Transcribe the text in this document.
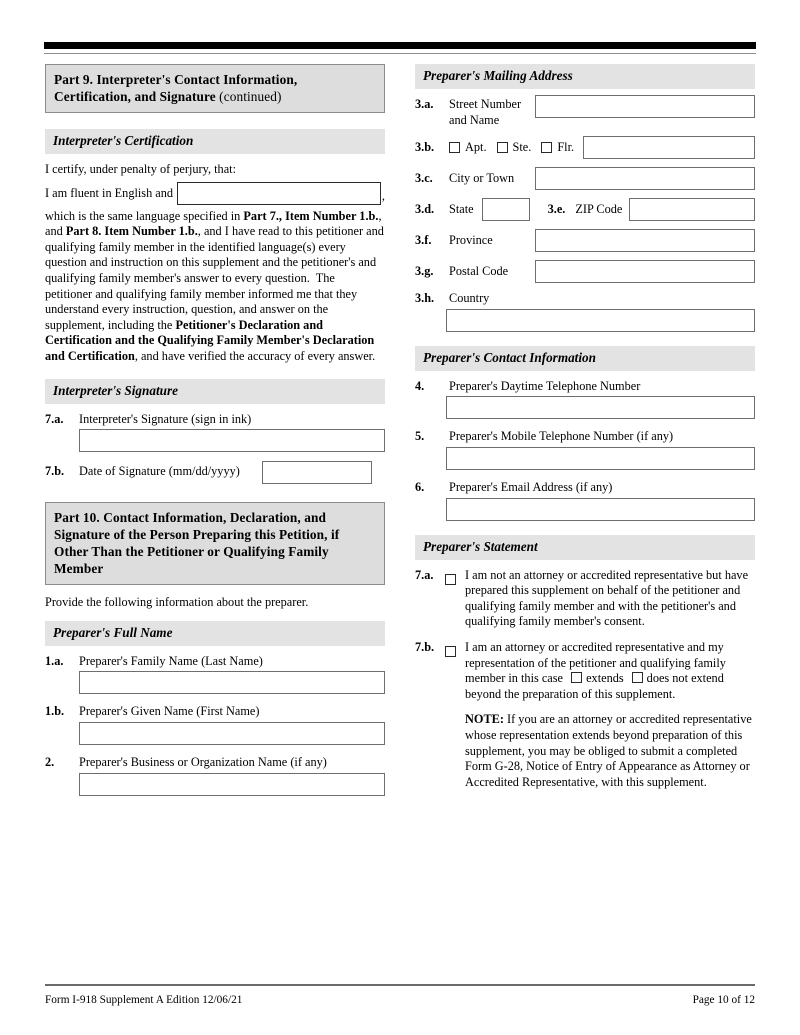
Part 9. Interpreter's Contact Information, Certification, and Signature (continued)
Interpreter's Certification
I certify, under penalty of perjury, that:
I am fluent in English and	,
which is the same language specified in Part 7., Item Number 1.b., and Part 8. Item Number 1.b., and I have read to this petitioner and qualifying family member in the identified language(s) every question and instruction on this supplement and the petitioner's and qualifying family member's answer to every question.  The petitioner and qualifying family member informed me that they understand every instruction, question, and answer on the supplement, including the Petitioner's Declaration and Certification and the Qualifying Family Member's Declaration and Certification, and have verified the accuracy of every answer.
Interpreter's Signature
7.a.	Interpreter's Signature (sign in ink)
7.b.	Date of Signature (mm/dd/yyyy)
Part 10. Contact Information, Declaration, and Signature of the Person Preparing this Petition, if Other Than the Petitioner or Qualifying Family Member
Provide the following information about the preparer.
Preparer's Full Name
1.a.	Preparer's Family Name (Last Name)
1.b.	Preparer's Given Name (First Name)
2.	Preparer's Business or Organization Name (if any)
Preparer's Mailing Address
3.a.	Street Number
and Name
3.b.	Apt. Ste. Flr.
3.c.	City or Town
3.d.	State	3.e. ZIP Code
3.f.	Province
3.g.	Postal Code
3.h.	Country
Preparer's Contact Information
4.	Preparer's Daytime Telephone Number
5.	Preparer's Mobile Telephone Number (if any)
6.	Preparer's Email Address (if any)
Preparer's Statement
7.a.	I am not an attorney or accredited representative but have prepared this supplement on behalf of the petitioner and qualifying family member and with the petitioner's and qualifying family member's consent.
7.b.	I am an attorney or accredited representative and my representation of the petitioner and qualifying family member in this case extends does not extend beyond the preparation of this supplement.
NOTE: If you are an attorney or accredited representative whose representation extends beyond preparation of this supplement, you may be obliged to submit a completed Form G-28, Notice of Entry of Appearance as Attorney or Accredited Representative, with this supplement.
Form I-918 Supplement A Edition 12/06/21	Page 10 of 12
